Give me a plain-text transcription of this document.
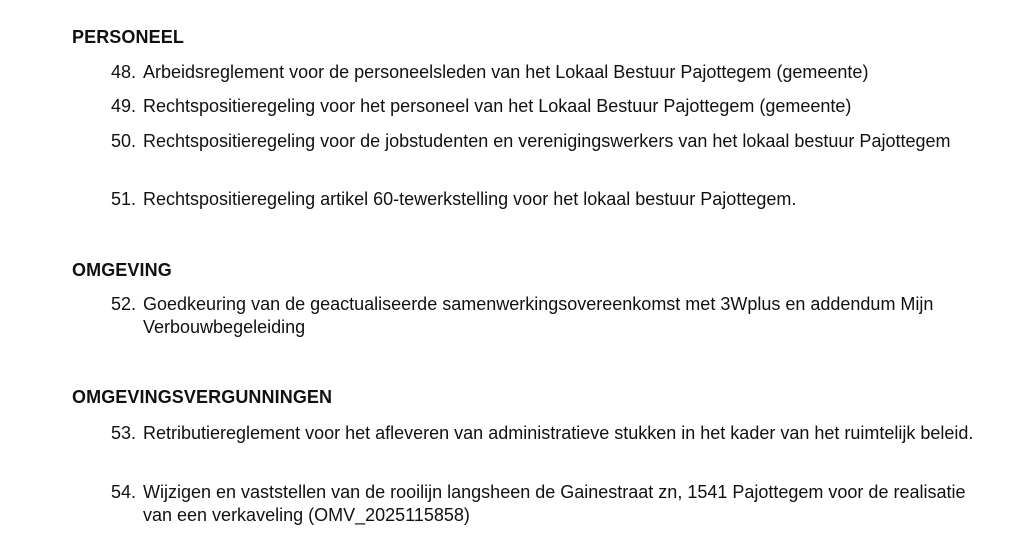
PERSONEEL
48. Arbeidsreglement voor de personeelsleden van het Lokaal Bestuur Pajottegem (gemeente)
49. Rechtspositieregeling voor het personeel van het Lokaal Bestuur Pajottegem (gemeente)
50. Rechtspositieregeling voor de jobstudenten en verenigingswerkers van het lokaal bestuur Pajottegem
51. Rechtspositieregeling artikel 60-tewerkstelling voor het lokaal bestuur Pajottegem.
OMGEVING
52. Goedkeuring van de geactualiseerde samenwerkingsovereenkomst met 3Wplus en addendum Mijn Verbouwbegeleiding
OMGEVINGSVERGUNNINGEN
53. Retributiereglement voor het afleveren van administratieve stukken in het kader van het ruimtelijk beleid.
54. Wijzigen en vaststellen van de rooilijn langsheen de Gainestraat zn, 1541 Pajottegem voor de realisatie van een verkaveling (OMV_2025115858)
